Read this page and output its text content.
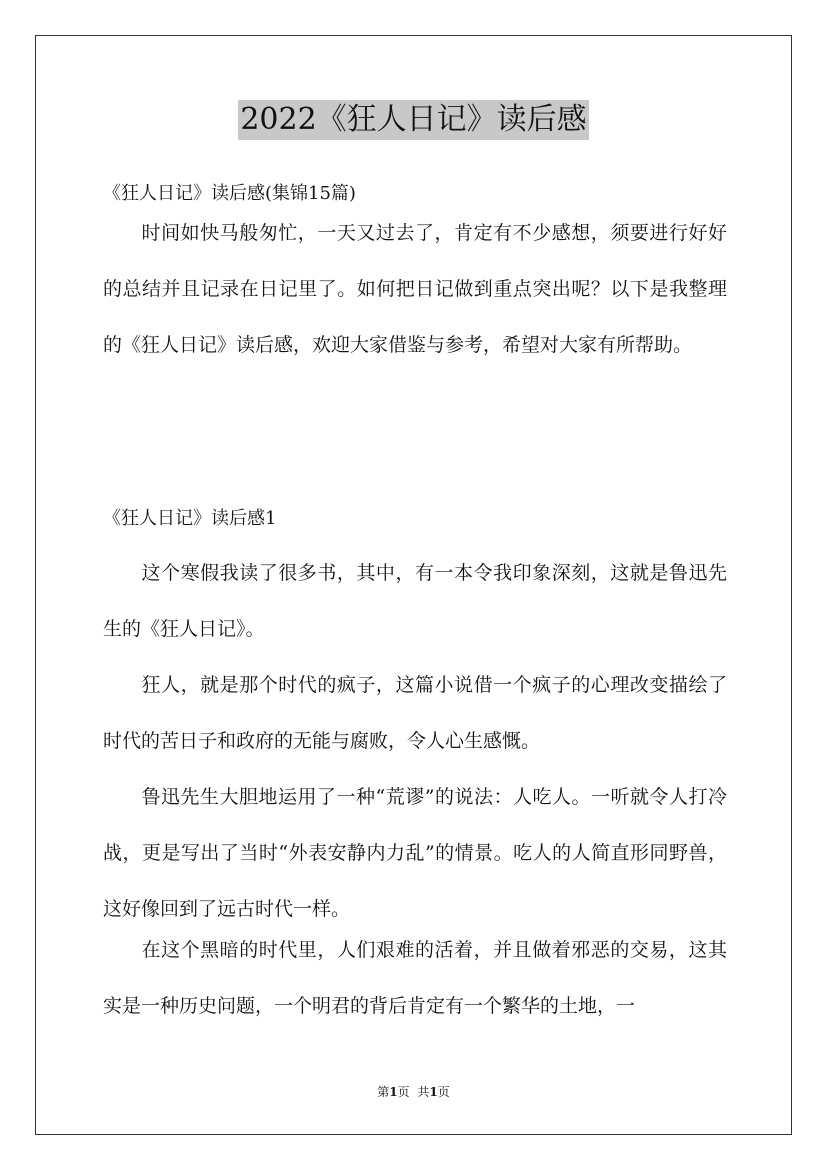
2022《狂人日记》读后感
《狂人日记》读后感(集锦15篇)

时间如快马般匆忙，一天又过去了，肯定有不少感想，须要进行好好的总结并且记录在日记里了。如何把日记做到重点突出呢？以下是我整理的《狂人日记》读后感，欢迎大家借鉴与参考，希望对大家有所帮助。

《狂人日记》读后感1

这个寒假我读了很多书，其中，有一本令我印象深刻，这就是鲁迅先生的《狂人日记》。

狂人，就是那个时代的疯子，这篇小说借一个疯子的心理改变描绘了时代的苦日子和政府的无能与腐败，令人心生感慨。

鲁迅先生大胆地运用了一种“荒谬”的说法：人吃人。一听就令人打冷战，更是写出了当时“外表安静内力乱”的情景。吃人的人简直形同野兽，这好像回到了远古时代一样。

在这个黑暗的时代里，人们艰难的活着，并且做着邪恶的交易，这其实是一种历史问题，一个明君的背后肯定有一个繁华的土地，一

第1页 共1页
